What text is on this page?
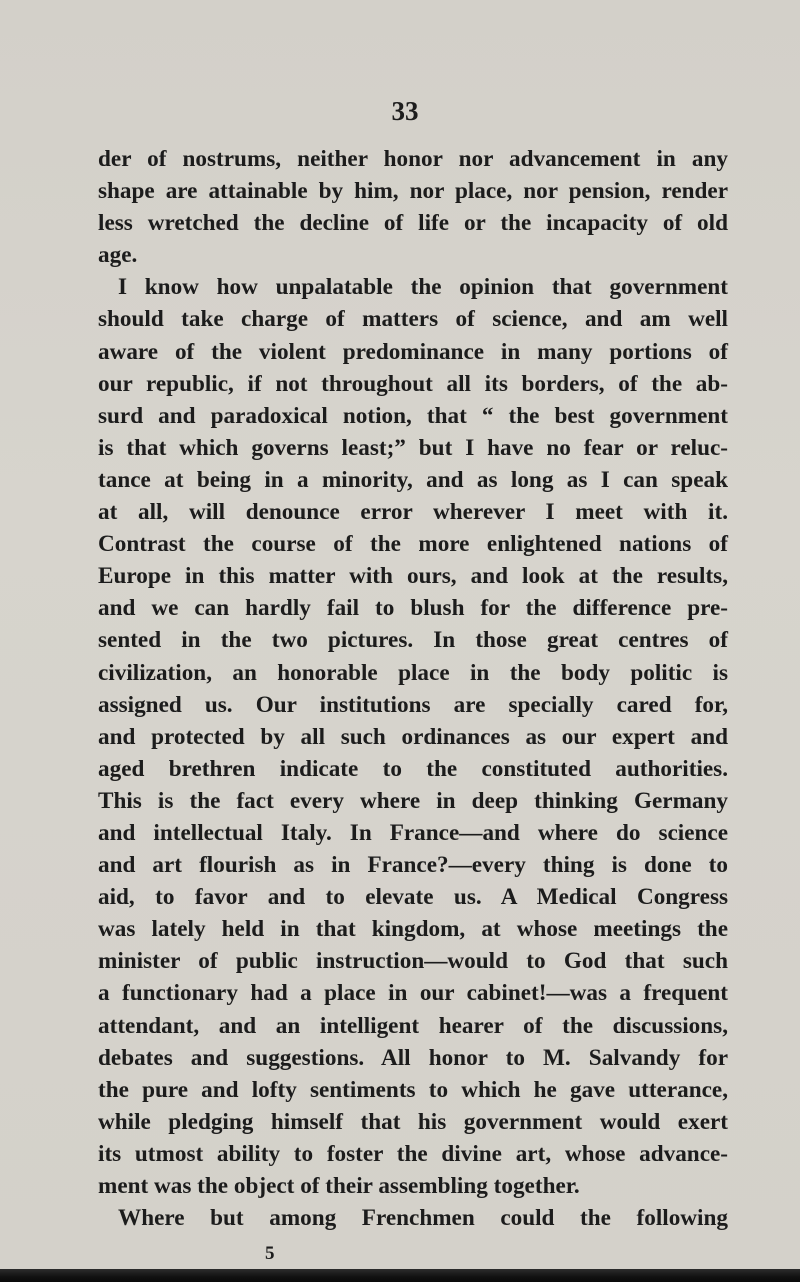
33
der of nostrums, neither honor nor advancement in any
shape are attainable by him, nor place, nor pension, render
less wretched the decline of life or the incapacity of old
age.
I know how unpalatable the opinion that government
should take charge of matters of science, and am well
aware of the violent predominance in many portions of
our republic, if not throughout all its borders, of the ab-
surd and paradoxical notion, that “ the best government
is that which governs least;” but I have no fear or reluc-
tance at being in a minority, and as long as I can speak
at all, will denounce error wherever I meet with it.
Contrast the course of the more enlightened nations of
Europe in this matter with ours, and look at the results,
and we can hardly fail to blush for the difference pre-
sented in the two pictures. In those great centres of
civilization, an honorable place in the body politic is
assigned us. Our institutions are specially cared for,
and protected by all such ordinances as our expert and
aged brethren indicate to the constituted authorities.
This is the fact every where in deep thinking Germany
and intellectual Italy. In France—and where do science
and art flourish as in France?—every thing is done to
aid, to favor and to elevate us. A Medical Congress
was lately held in that kingdom, at whose meetings the
minister of public instruction—would to God that such
a functionary had a place in our cabinet!—was a frequent
attendant, and an intelligent hearer of the discussions,
debates and suggestions. All honor to M. Salvandy for
the pure and lofty sentiments to which he gave utterance,
while pledging himself that his government would exert
its utmost ability to foster the divine art, whose advance-
ment was the object of their assembling together.
Where but among Frenchmen could the following
5
